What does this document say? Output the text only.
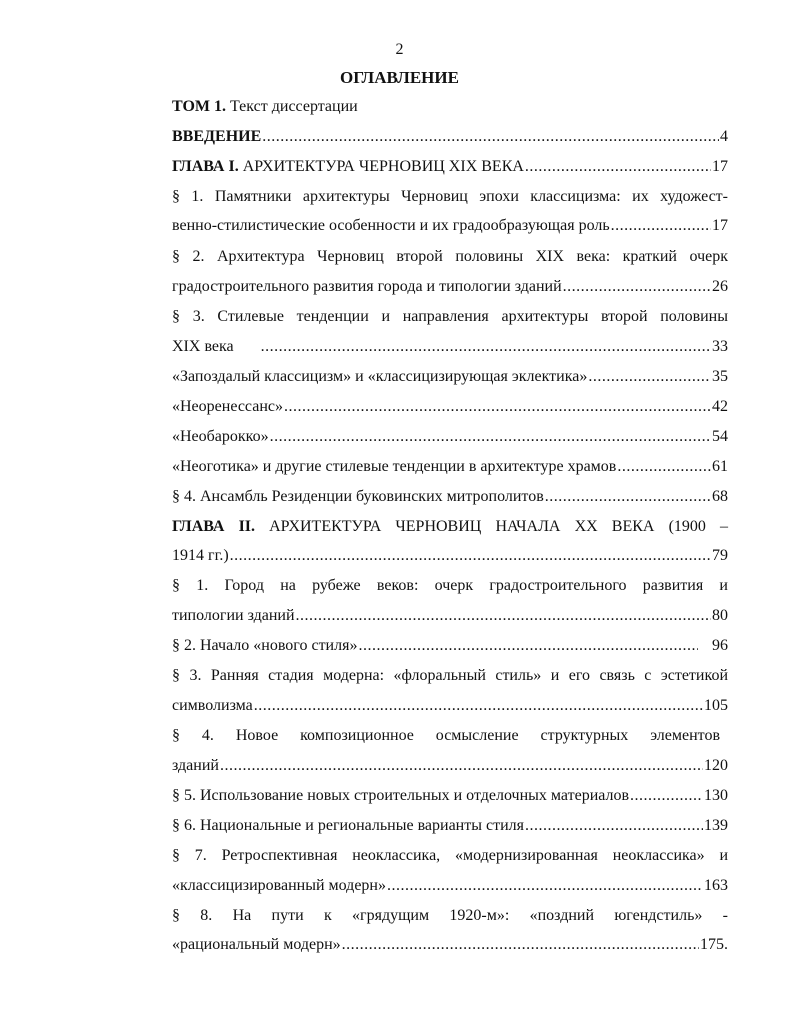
2
ОГЛАВЛЕНИЕ
ТОМ 1. Текст диссертации
ВВЕДЕНИЕ .....	4
ГЛАВА I. АРХИТЕКТУРА ЧЕРНОВИЦ XIX ВЕКА .....	17
§ 1. Памятники архитектуры Черновиц эпохи классицизма: их художест-
венно-стилистические особенности и их градообразующая роль .....	17
§ 2. Архитектура Черновиц второй половины XIX века: краткий очерк
градостроительного развития города и типологии зданий .....	26
§ 3. Стилевые тенденции и направления архитектуры второй половины
XIX века .....	33
«Запоздалый классицизм» и «классицизирующая эклектика» .....	35
«Неоренессанс» .....	42
«Необарокко» .....	54
«Неоготика» и другие стилевые тенденции в архитектуре храмов .....	61
§ 4. Ансамбль Резиденции буковинских митрополитов .....	68
ГЛАВА II. АРХИТЕКТУРА ЧЕРНОВИЦ НАЧАЛА ХХ ВЕКА (1900 –
1914 гг.) .....	79
§ 1. Город на рубеже веков: очерк градостроительного развития и
типологии зданий .....	80
§ 2. Начало «нового стиля» .....	96
§ 3. Ранняя стадия модерна: «флоральный стиль» и его связь с эстетикой
символизма .....	105
§ 4. Новое композиционное осмысление структурных элементов
зданий .....	120
§ 5. Использование новых строительных и отделочных материалов .....	130
§ 6. Национальные и региональные варианты стиля .....	139
§ 7. Ретроспективная неоклассика, «модернизированная неоклассика» и
«классицизированный модерн» .....	163
§ 8. На пути к «грядущим 1920-м»: «поздний югендстиль» -
«рациональный модерн» .....	175.
